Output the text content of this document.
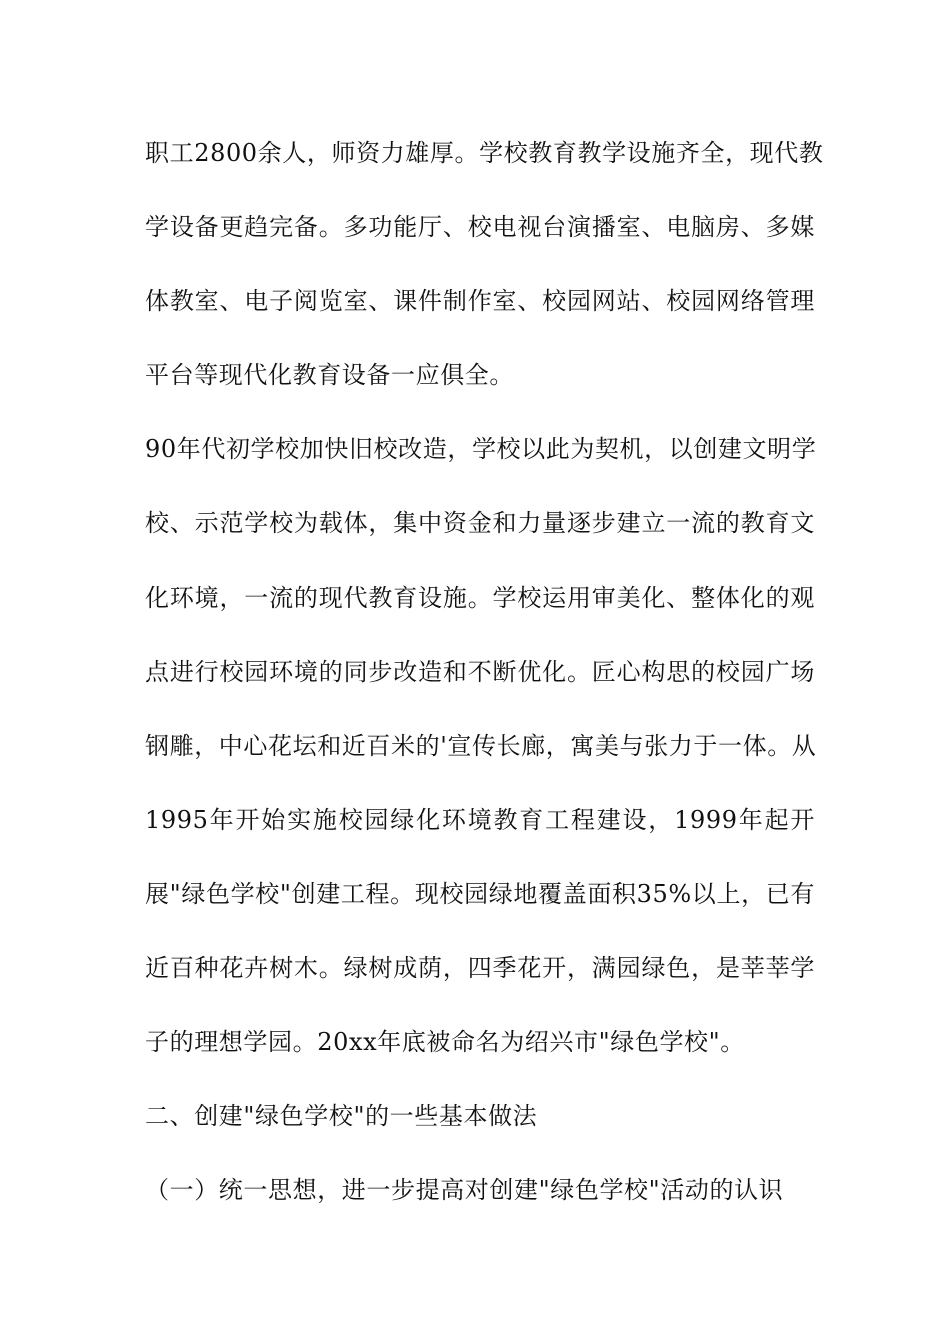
职工2800余人，师资力雄厚。学校教育教学设施齐全，现代教
学设备更趋完备。多功能厅、校电视台演播室、电脑房、多媒
体教室、电子阅览室、课件制作室、校园网站、校园网络管理
平台等现代化教育设备一应俱全。
90年代初学校加快旧校改造，学校以此为契机，以创建文明学
校、示范学校为载体，集中资金和力量逐步建立一流的教育文
化环境，一流的现代教育设施。学校运用审美化、整体化的观
点进行校园环境的同步改造和不断优化。匠心构思的校园广场
钢雕，中心花坛和近百米的'宣传长廊，寓美与张力于一体。从
1995年开始实施校园绿化环境教育工程建设，1999年起开
展"绿色学校"创建工程。现校园绿地覆盖面积35%以上，已有
近百种花卉树木。绿树成荫，四季花开，满园绿色，是莘莘学
子的理想学园。20xx年底被命名为绍兴市"绿色学校"。
二、创建"绿色学校"的一些基本做法
（一）统一思想，进一步提高对创建"绿色学校"活动的认识
